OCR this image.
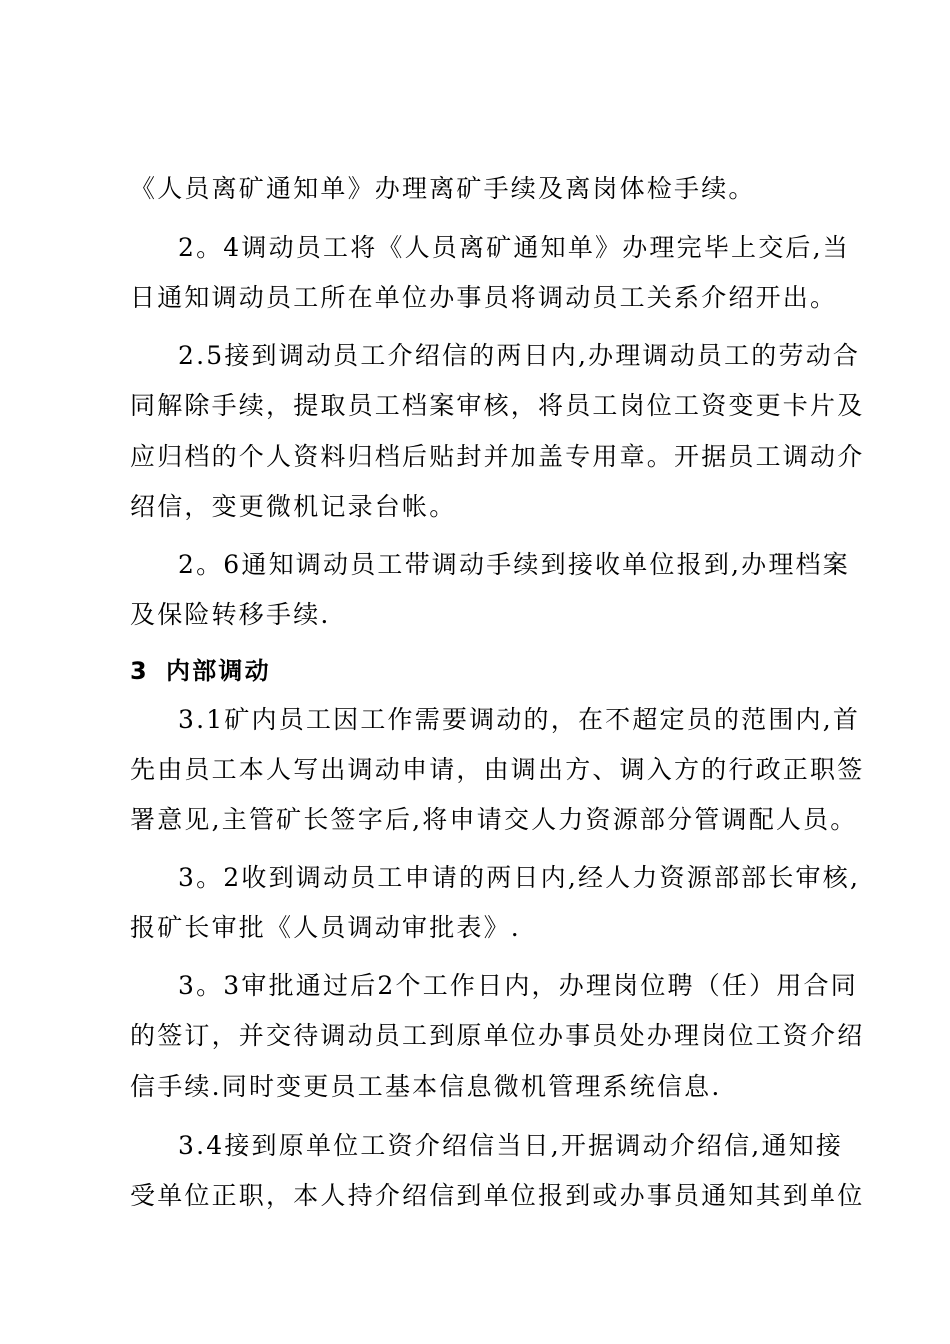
《人员离矿通知单》办理离矿手续及离岗体检手续。
2。4调动员工将《人员离矿通知单》办理完毕上交后,当
日通知调动员工所在单位办事员将调动员工关系介绍开出。
2.5接到调动员工介绍信的两日内,办理调动员工的劳动合
同解除手续，提取员工档案审核，将员工岗位工资变更卡片及
应归档的个人资料归档后贴封并加盖专用章。开据员工调动介
绍信，变更微机记录台帐。
2。6通知调动员工带调动手续到接收单位报到,办理档案
及保险转移手续.
3 内部调动
3.1矿内员工因工作需要调动的，在不超定员的范围内,首
先由员工本人写出调动申请，由调出方、调入方的行政正职签
署意见,主管矿长签字后,将申请交人力资源部分管调配人员。
3。2收到调动员工申请的两日内,经人力资源部部长审核,
报矿长审批《人员调动审批表》.
3。3审批通过后2个工作日内，办理岗位聘（任）用合同
的签订，并交待调动员工到原单位办事员处办理岗位工资介绍
信手续.同时变更员工基本信息微机管理系统信息.
3.4接到原单位工资介绍信当日,开据调动介绍信,通知接
受单位正职，本人持介绍信到单位报到或办事员通知其到单位
